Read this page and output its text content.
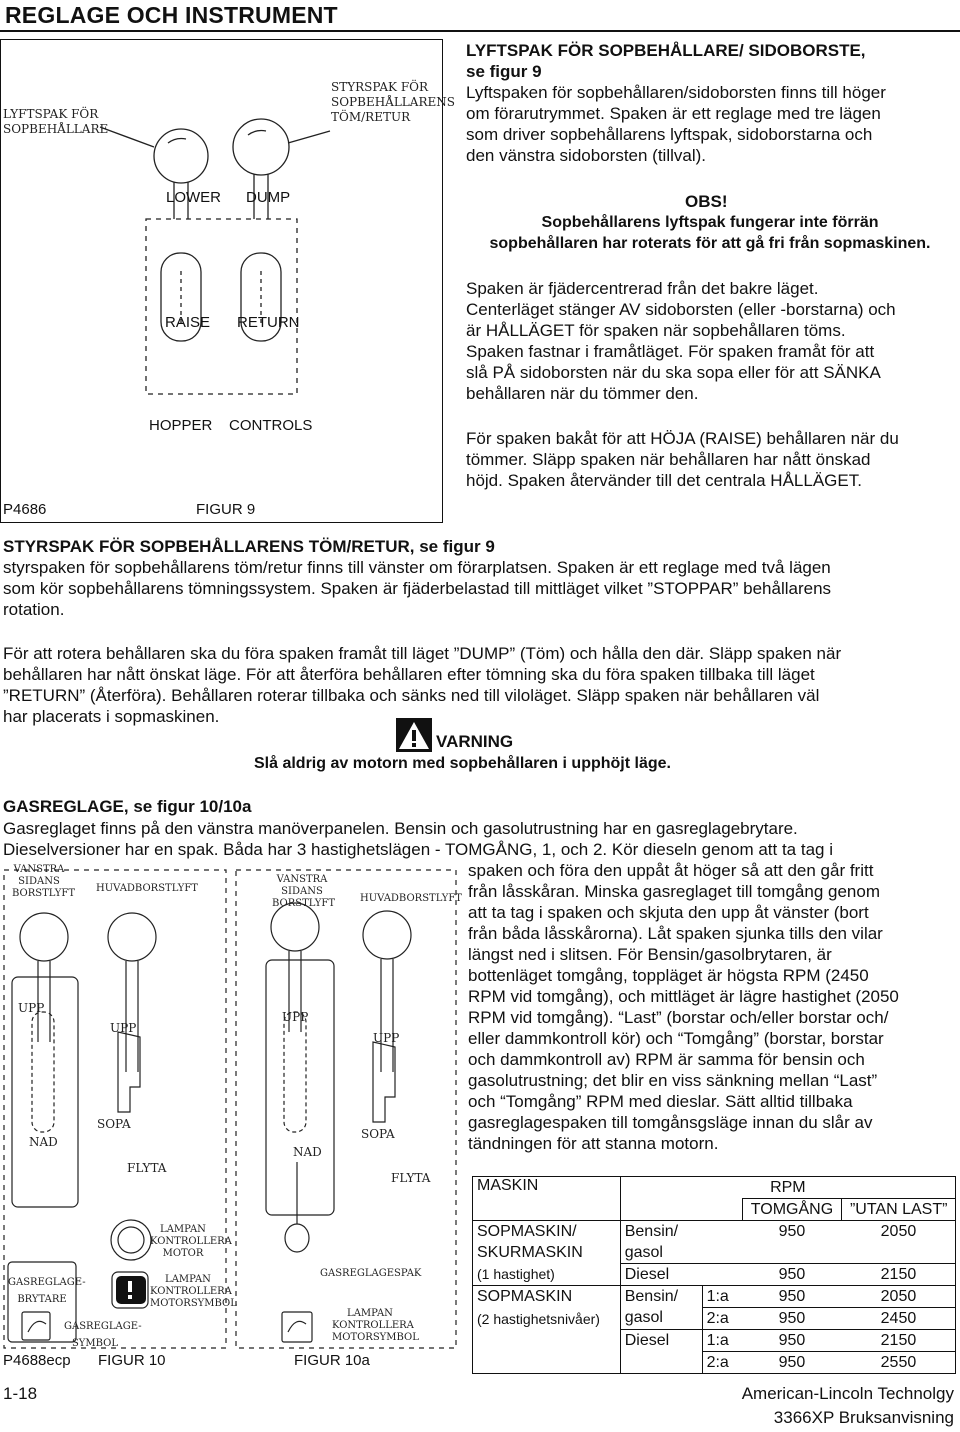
REGLAGE OCH INSTRUMENT
LYFTSPAK FÖR
SOPBEHÅLLARE
STYRSPAK FÖR
SOPBEHÅLLARENS
TÖM/RETUR
LOWER DUMP
RAISE RETURN
HOPPER CONTROLS
P4686	FIGUR 9
LYFTSPAK FÖR SOPBEHÅLLARE/ SIDOBORSTE,
se figur 9
Lyftspaken för sopbehållaren/sidoborsten finns till höger
om förarutrymmet. Spaken är ett reglage med tre lägen
som driver sopbehållarens lyftspak, sidoborstarna och
den vänstra sidoborsten (tillval).
OBS!
Sopbehållarens lyftspak fungerar inte förrän
sopbehållaren har roterats för att gå fri från sopmaskinen.
Spaken är fjädercentrerad från det bakre läget.
Centerläget stänger AV sidoborsten (eller -borstarna) och
är HÅLLÄGET för spaken när sopbehållaren töms.
Spaken fastnar i framåtläget. För spaken framåt för att
slå PÅ sidoborsten när du ska sopa eller för att SÄNKA
behållaren när du tömmer den.
För spaken bakåt för att HÖJA (RAISE) behållaren när du
tömmer. Släpp spaken när behållaren har nått önskad
höjd. Spaken återvänder till det centrala HÅLLÄGET.
STYRSPAK FÖR SOPBEHÅLLARENS TÖM/RETUR, se figur 9
styrspaken för sopbehållarens töm/retur finns till vänster om förarplatsen. Spaken är ett reglage med två lägen
som kör sopbehållarens tömningssystem. Spaken är fjäderbelastad till mittläget vilket ”STOPPAR” behållarens
rotation.
För att rotera behållaren ska du föra spaken framåt till läget ”DUMP” (Töm) och hålla den där. Släpp spaken när
behållaren har nått önskat läge. För att återföra behållaren efter tömning ska du föra spaken tillbaka till läget
”RETURN” (Återföra). Behållaren roterar tillbaka och sänks ned till viloläget. Släpp spaken när behållaren väl
har placerats i sopmaskinen.
VARNING
Slå aldrig av motorn med sopbehållaren i upphöjt läge.
GASREGLAGE, se figur 10/10a
Gasreglaget finns på den vänstra manöverpanelen. Bensin och gasolutrustning har en gasreglagebrytare.
Dieselversioner har en spak. Båda har 3 hastighetslägen - TOMGÅNG, 1, och 2. Kör dieseln genom att ta tag i
spaken och föra den uppåt åt höger så att den går fritt
från låsskåran. Minska gasreglaget till tomgång genom
att ta tag i spaken och skjuta den upp åt vänster (bort
från båda låsskårorna). Låt spaken sjunka tills den vilar
längst ned i slitsen. För Bensin/gasolbrytaren, är
bottenläget tomgång, toppläget är högsta RPM (2450
RPM vid tomgång), och mittläget är lägre hastighet (2050
RPM vid tomgång). “Last” (borstar och/eller borstar och/
eller dammkontroll kör) och “Tomgång” (borstar, borstar
och dammkontroll av) RPM är samma för bensin och
gasolutrustning; det blir en viss sänkning mellan “Last”
och “Tomgång” RPM med dieslar. Sätt alltid tillbaka
gasreglagespaken till tomgånsgsläge innan du slår av
tändningen för att stanna motorn.
VANSTRA
SIDANS
BORSTLYFT HUVADBORSTLYFT
UPP
UPP
SOPA
NAD
FLYTA
LAMPAN
KONTROLLERA
MOTOR
LAMPAN
KONTROLLERA
MOTORSYMBOL
GASREGLAGE-
BRYTARE
GASREGLAGE-
SYMBOL
P4688ecp FIGUR 10
VANSTRA
SIDANS
BORSTLYFT	HUVADBORSTLYFT
UPP
UPP
SOPA
NAD
FLYTA
GASREGLAGESPAK
LAMPAN
KONTROLLERA
MOTORSYMBOL
FIGUR 10a
MASKIN	RPM			
			TOMGÅNG	”UTAN LAST”
SOPMASKIN/	Bensin/		950	2050
SKURMASKIN	gasol			
(1 hastighet)	Diesel		950	2150
SOPMASKIN	Bensin/	1:a	950	2050
(2 hastighetsnivåer)	gasol	2:a	950	2450
	Diesel	1:a	950	2150
		2:a	950	2550
1-18	American-Lincoln Technolgy
3366XP Bruksanvisning
